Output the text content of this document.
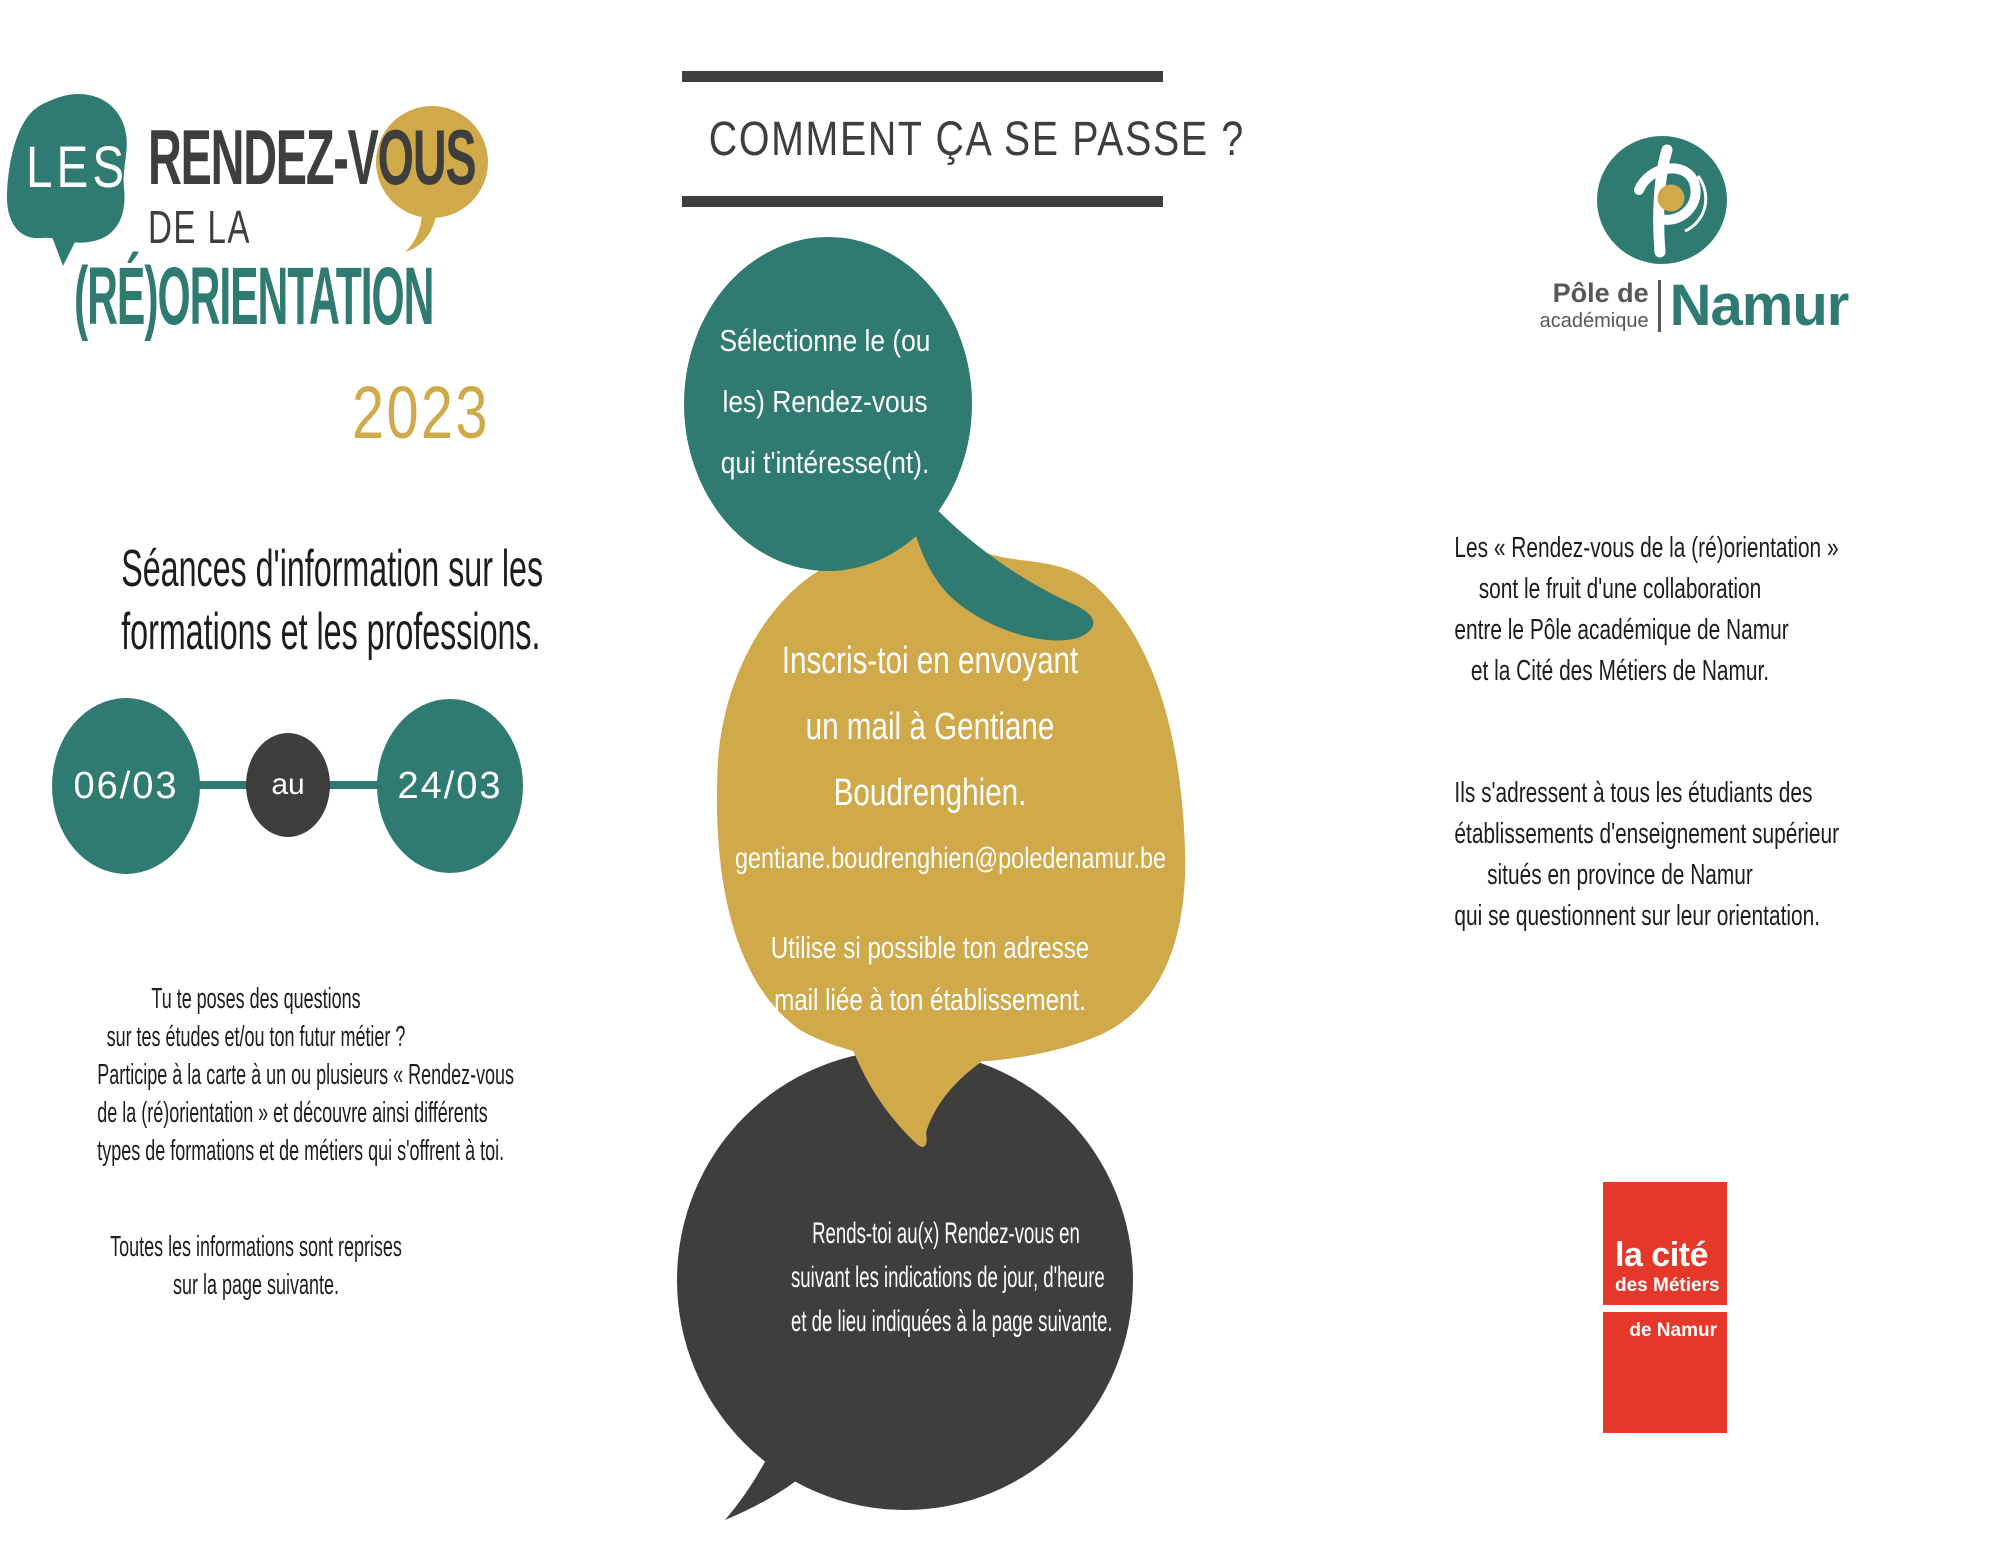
LES RENDEZ-VOUS
DE LA
(RÉ)ORIENTATION
2023
Séances d'information sur les
formations et les professions.
06/03	au 24/03
Tu te poses des questions
sur tes études et/ou ton futur métier ?
Participe à la carte à un ou plusieurs « Rendez-vous
de la (ré)orientation » et découvre ainsi différents
types de formations et de métiers qui s'offrent à toi.
Toutes les informations sont reprises
sur la page suivante.
COMMENT ÇA SE PASSE ?
Sélectionne le (ou
les) Rendez-vous
qui t'intéresse(nt).
Inscris-toi en envoyant
un mail à Gentiane
Boudrenghien.
gentiane.boudrenghien@poledenamur.be
Utilise si possible ton adresse
mail liée à ton établissement.
Rends-toi au(x) Rendez-vous en
suivant les indications de jour, d'heure
et de lieu indiquées à la page suivante.
Pôle de
académique Namur
Les « Rendez-vous de la (ré)orientation »
sont le fruit d'une collaboration
entre le Pôle académique de Namur
et la Cité des Métiers de Namur.
Ils s'adressent à tous les étudiants des
établissements d'enseignement supérieur
situés en province de Namur
qui se questionnent sur leur orientation.
la cité
des Métiers
de Namur
